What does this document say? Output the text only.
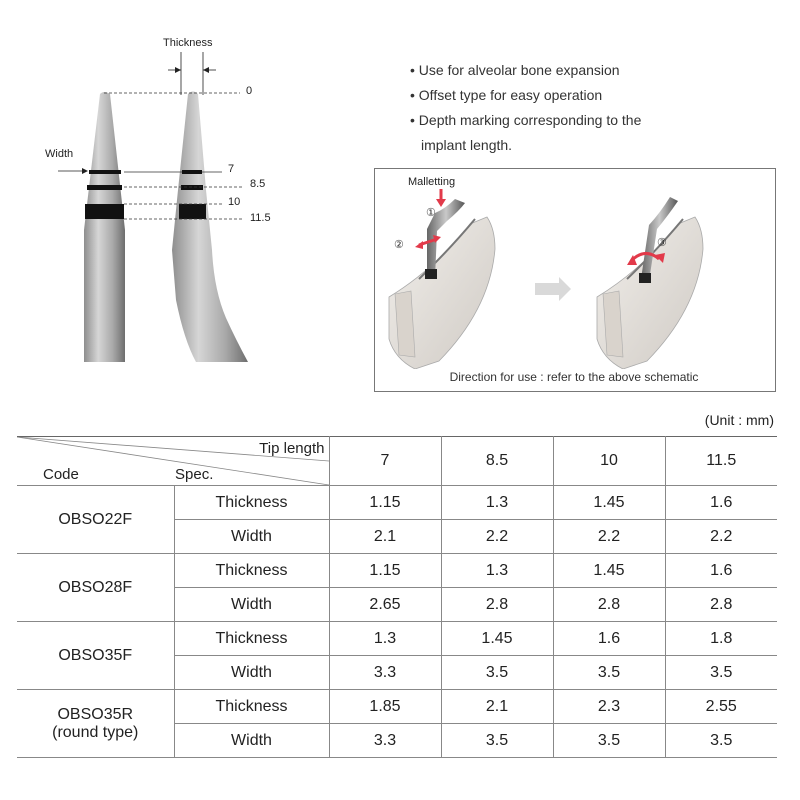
Thickness
Width
0
7
8.5
10
11.5
• Use for alveolar bone expansion
• Offset type for easy operation
• Depth marking corresponding to the
implant length.
Malletting
①
②	③
Direction for use : refer to the above schematic
(Unit : mm)
Tip length
Code Spec.		7	8.5	10	11.5
OBSO22F	Thickness	1.15	1.3	1.45	1.6
	Width	2.1	2.2	2.2	2.2
OBSO28F	Thickness	1.15	1.3	1.45	1.6
	Width	2.65	2.8	2.8	2.8
OBSO35F	Thickness	1.3	1.45	1.6	1.8
	Width	3.3	3.5	3.5	3.5
OBSO35R
(round type)	Thickness	1.85	2.1	2.3	2.55
	Width	3.3	3.5	3.5	3.5
